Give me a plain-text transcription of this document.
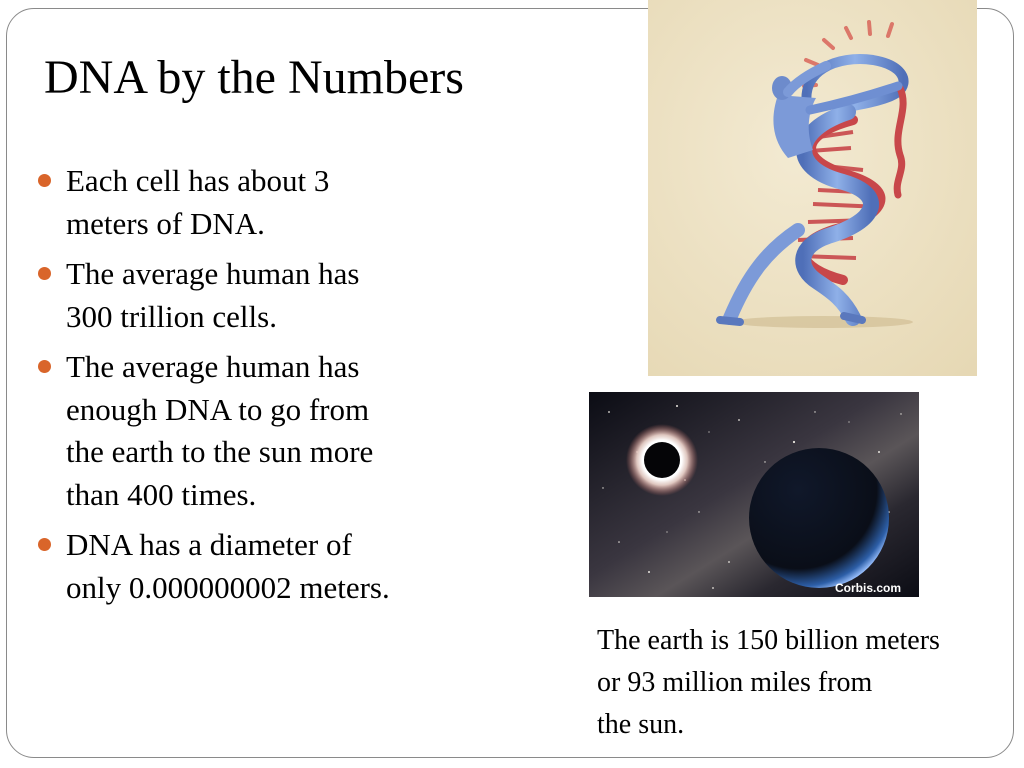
DNA by the Numbers
Each cell has about 3
meters of DNA.
The average human has
300 trillion cells.
The average human has
enough DNA to go from
the earth to the sun more
than 400 times.
DNA has a diameter of
only 0.000000002 meters.	Corbis.com
The earth is 150 billion meters
or 93 million miles from
the sun.
